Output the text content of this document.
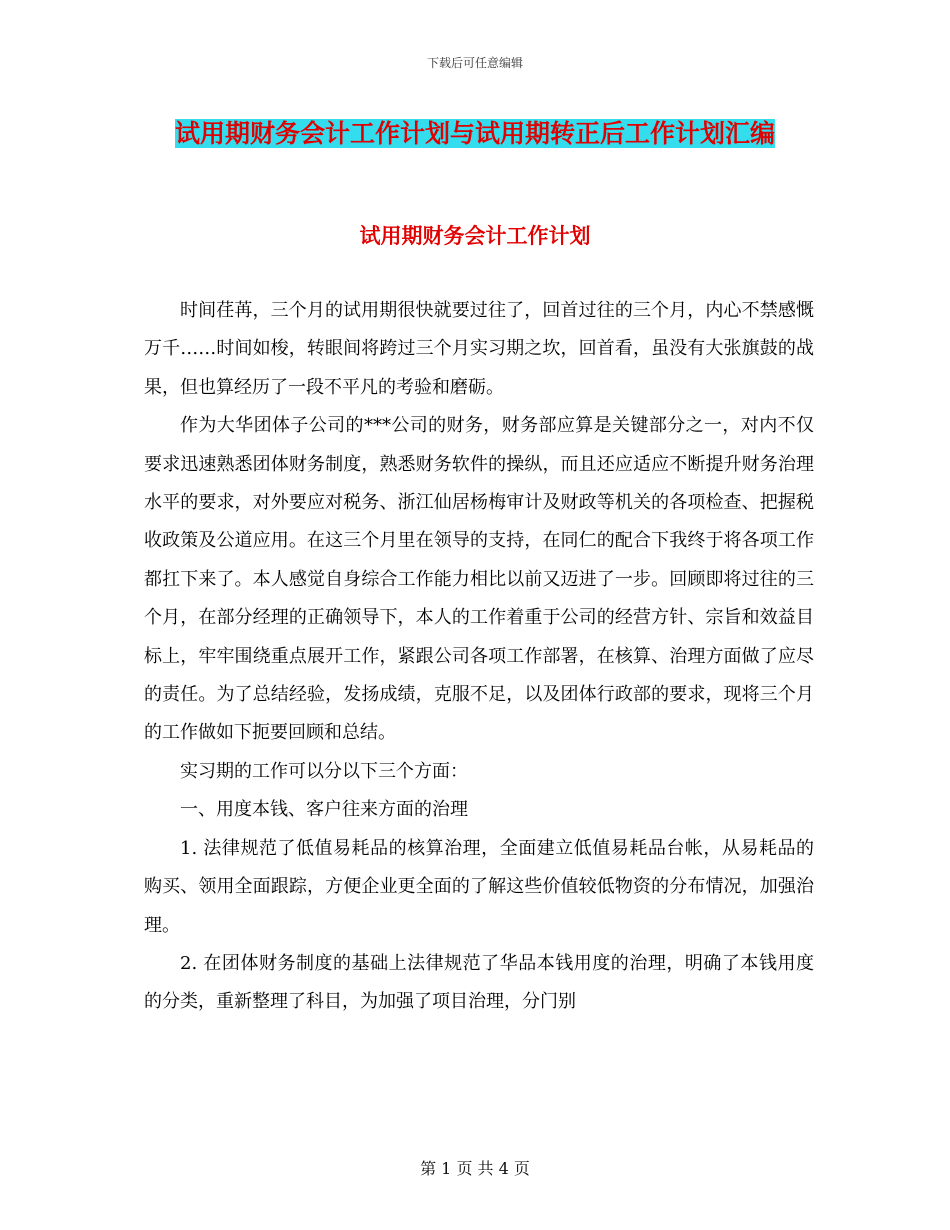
下载后可任意编辑
试用期财务会计工作计划与试用期转正后工作计划汇编
试用期财务会计工作计划

时间荏苒，三个月的试用期很快就要过往了，回首过往的三个月，内心不禁感慨万千……时间如梭，转眼间将跨过三个月实习期之坎，回首看，虽没有大张旗鼓的战果，但也算经历了一段不平凡的考验和磨砺。

作为大华团体子公司的***公司的财务，财务部应算是关键部分之一，对内不仅要求迅速熟悉团体财务制度，熟悉财务软件的操纵，而且还应适应不断提升财务治理水平的要求，对外要应对税务、浙江仙居杨梅审计及财政等机关的各项检查、把握税收政策及公道应用。在这三个月里在领导的支持，在同仁的配合下我终于将各项工作都扛下来了。本人感觉自身综合工作能力相比以前又迈进了一步。回顾即将过往的三个月，在部分经理的正确领导下，本人的工作着重于公司的经营方针、宗旨和效益目标上，牢牢围绕重点展开工作，紧跟公司各项工作部署，在核算、治理方面做了应尽的责任。为了总结经验，发扬成绩，克服不足，以及团体行政部的要求，现将三个月的工作做如下扼要回顾和总结。

实习期的工作可以分以下三个方面：

一、用度本钱、客户往来方面的治理

1. 法律规范了低值易耗品的核算治理，全面建立低值易耗品台帐，从易耗品的购买、领用全面跟踪，方便企业更全面的了解这些价值较低物资的分布情况，加强治理。

2. 在团体财务制度的基础上法律规范了华品本钱用度的治理，明确了本钱用度的分类，重新整理了科目，为加强了项目治理，分门别

第 1 页 共 4 页
